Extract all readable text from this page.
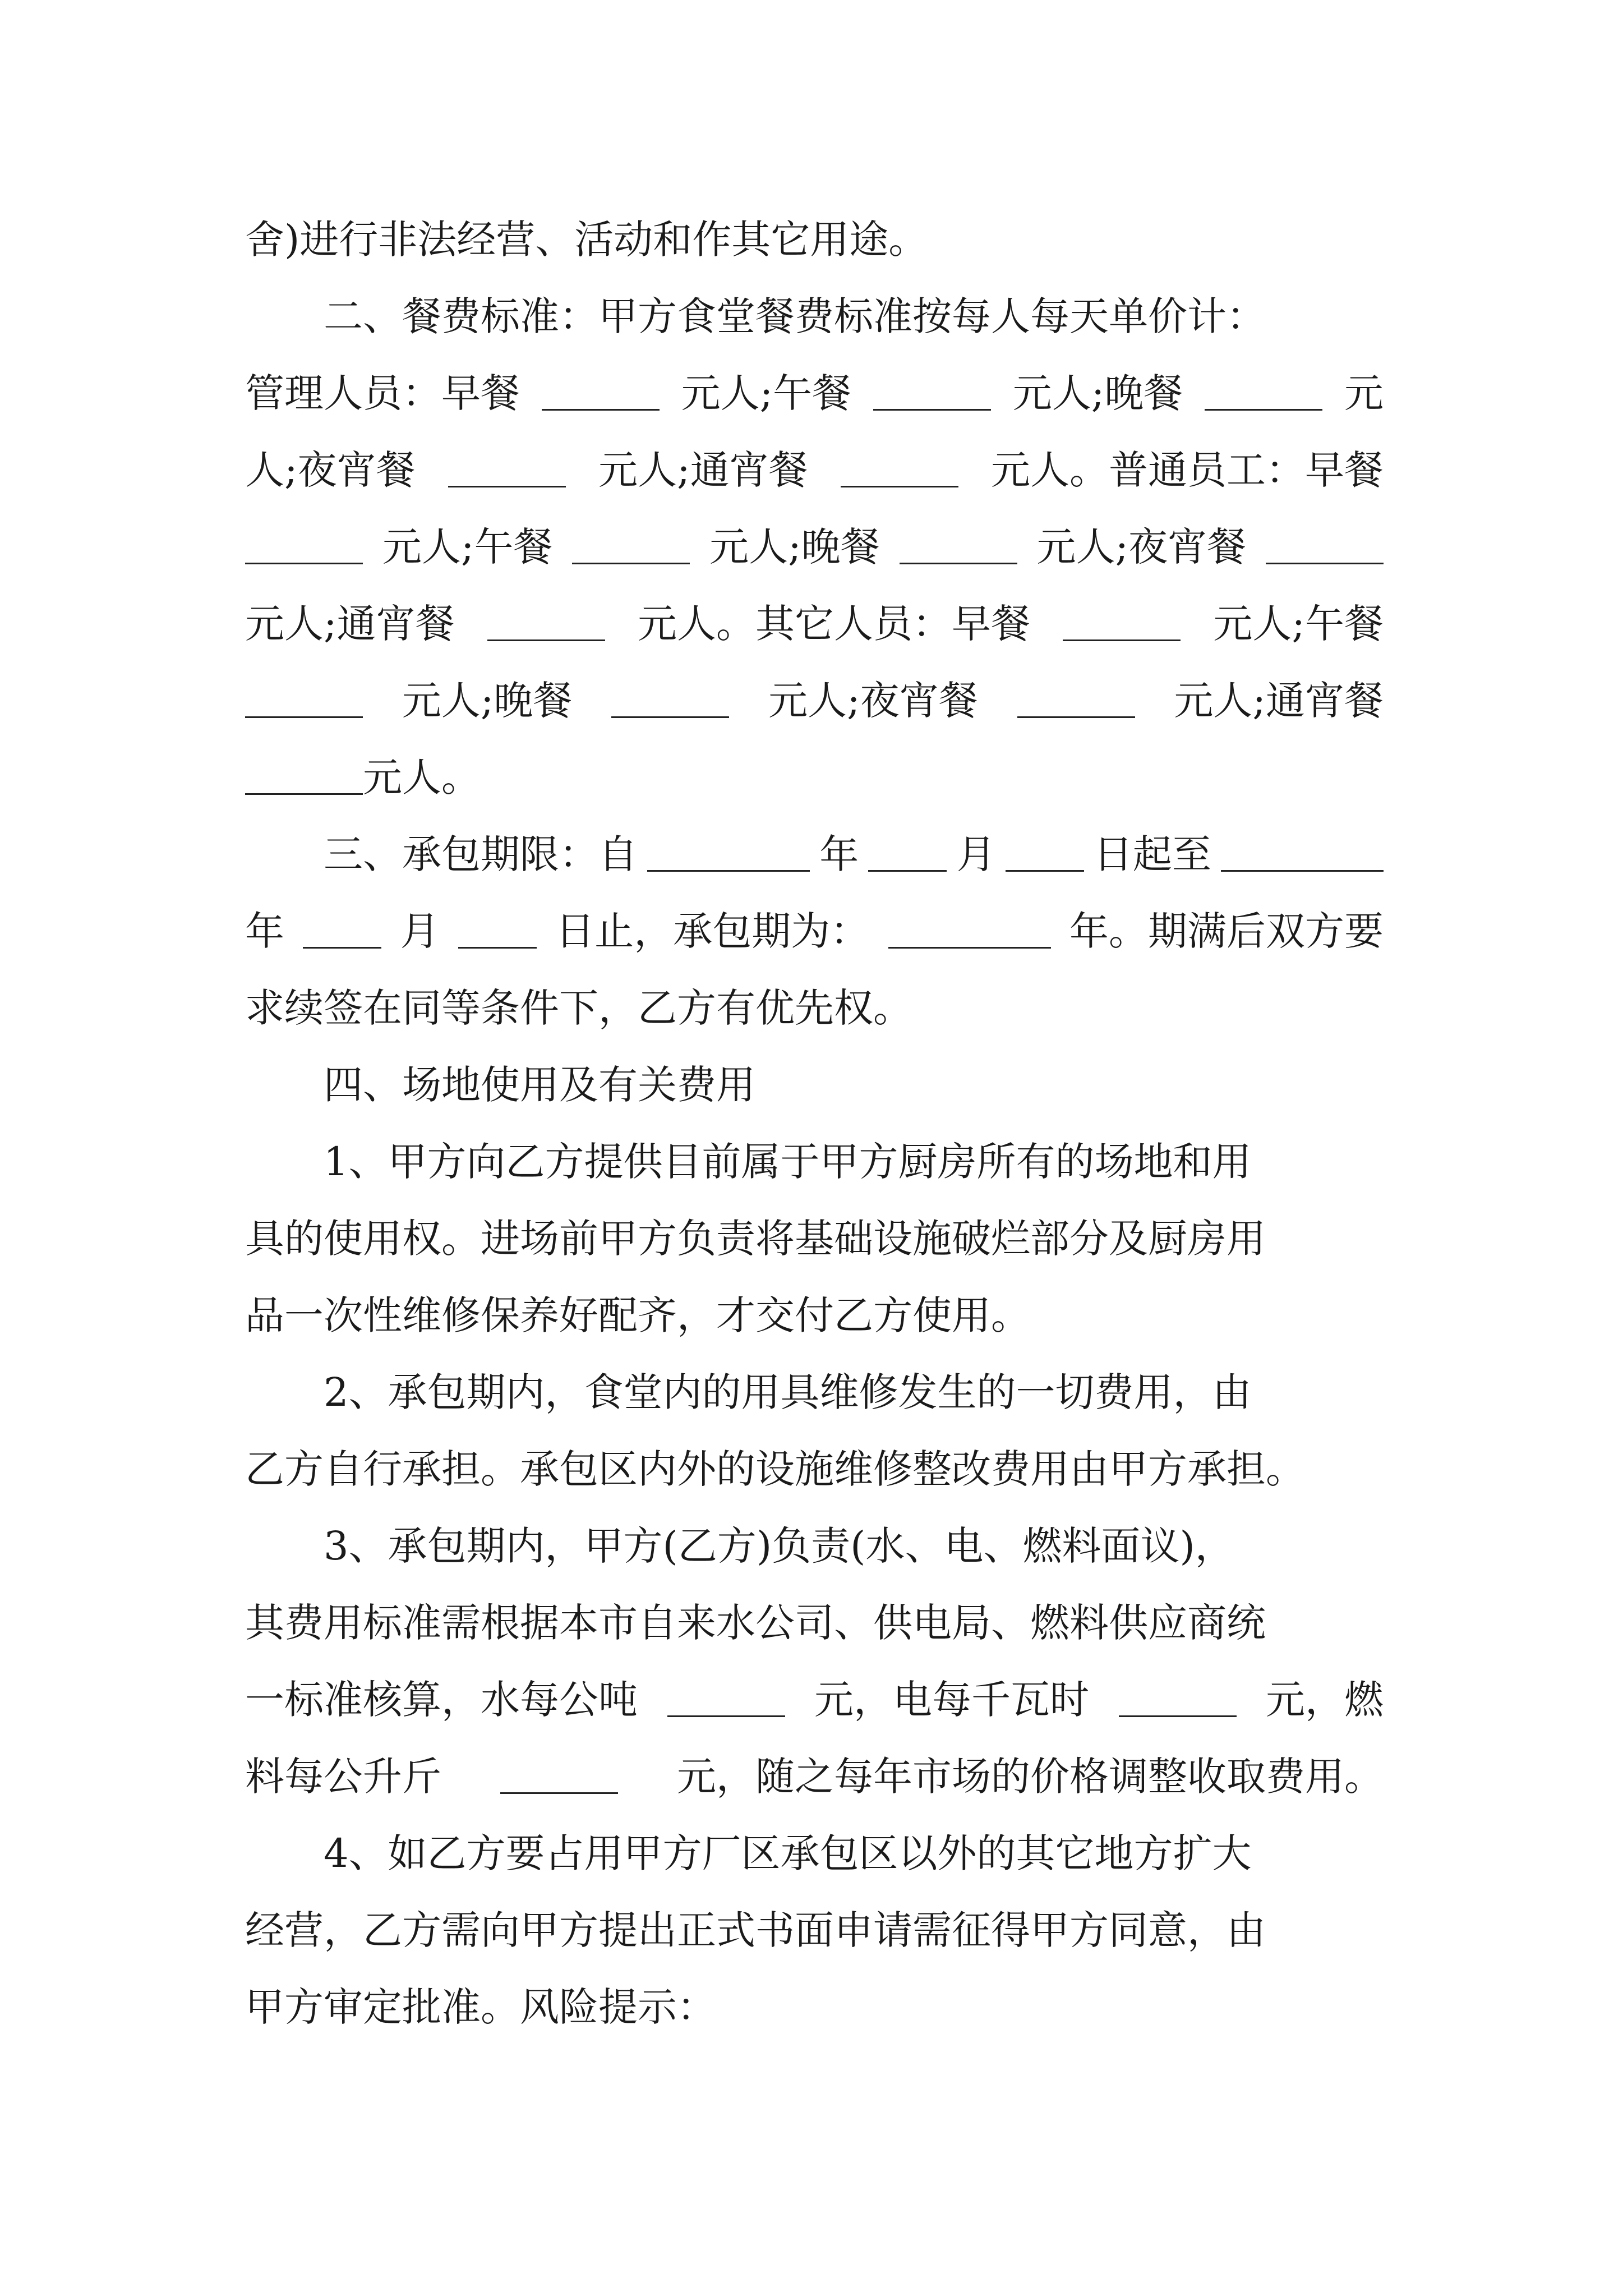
舍)进行非法经营、活动和作其它用途。
二、餐费标准：甲方食堂餐费标准按每人每天单价计：
管理人员：早餐	元人;午餐	元人;晚餐	元
人;夜宵餐	元人;通宵餐	元人。普通员工：早餐
元人;午餐	元人;晚餐	元人;夜宵餐
元人;通宵餐	元人。其它人员：早餐	元人;午餐
元人;晚餐	元人;夜宵餐	元人;通宵餐
元人。
三、承包期限：自	年 月 日起至
年	月	日止，承包期为：	年。期满后双方要
求续签在同等条件下，乙方有优先权。
四、场地使用及有关费用
1、甲方向乙方提供目前属于甲方厨房所有的场地和用
具的使用权。进场前甲方负责将基础设施破烂部分及厨房用
品一次性维修保养好配齐，才交付乙方使用。
2、承包期内，食堂内的用具维修发生的一切费用，由
乙方自行承担。承包区内外的设施维修整改费用由甲方承担。
3、承包期内，甲方(乙方)负责(水、电、燃料面议)，
其费用标准需根据本市自来水公司、供电局、燃料供应商统
一标准核算，水每公吨	元，电每千瓦时	元，燃
料每公升斤	元，随之每年市场的价格调整收取费用。
4、如乙方要占用甲方厂区承包区以外的其它地方扩大
经营，乙方需向甲方提出正式书面申请需征得甲方同意，由
甲方审定批准。风险提示：
